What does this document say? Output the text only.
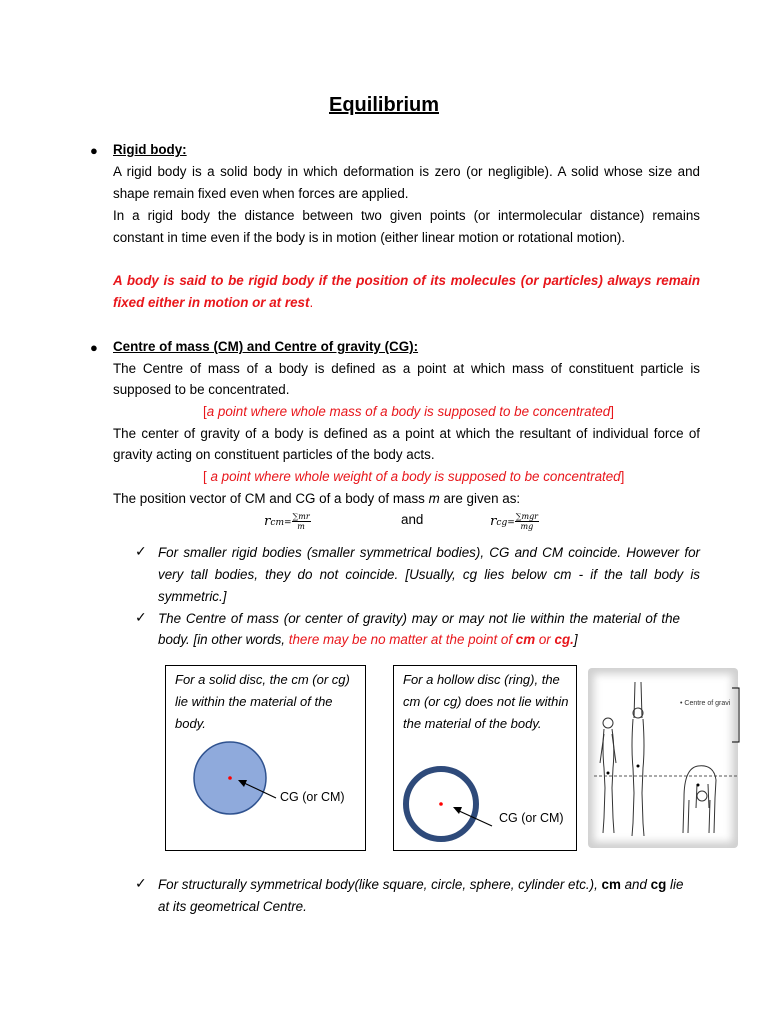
Equilibrium
● Rigid body:
A rigid body is a solid body in which deformation is zero (or negligible). A solid whose size and
shape remain fixed even when forces are applied.
In a rigid body the distance between two given points (or intermolecular distance) remains
constant in time even if the body is in motion (either linear motion or rotational motion).
A body is said to be rigid body if the position of its molecules (or particles) always remain
fixed either in motion or at rest.
● Centre of mass (CM) and Centre of gravity (CG):
The Centre of mass of a body is defined as a point at which mass of constituent particle is
supposed to be concentrated.
[a point where whole mass of a body is supposed to be concentrated]
The center of gravity of a body is defined as a point at which the resultant of individual force of
gravity acting on constituent particles of the body acts.
[ a point where whole weight of a body is supposed to be concentrated]
The position vector of CM and CG of a body of mass m are given as:
$rcm= \frac{\sum mr}{m}$	and	$rcg= \frac{\text{∑mgr}}{mg}$
✓ For smaller rigid bodies (smaller symmetrical bodies), CG and CM coincide. However for
very tall bodies, they do not coincide. [Usually, cg lies below cm - if the tall body is
symmetric.]
✓ The Centre of mass (or center of gravity) may or may not lie within the material of the
body. [in other words, there may be no matter at the point of cm or cg.]
For a solid disc, the cm (or cg) lie within the material of the body.
CG (or CM)
For a hollow disc (ring), the cm (or cg) does not lie within the material of the body.
CG (or CM)
• Centre of gravi
✓ For structurally symmetrical body(like square, circle, sphere, cylinder etc.), cm and cg lie
at its geometrical Centre.
